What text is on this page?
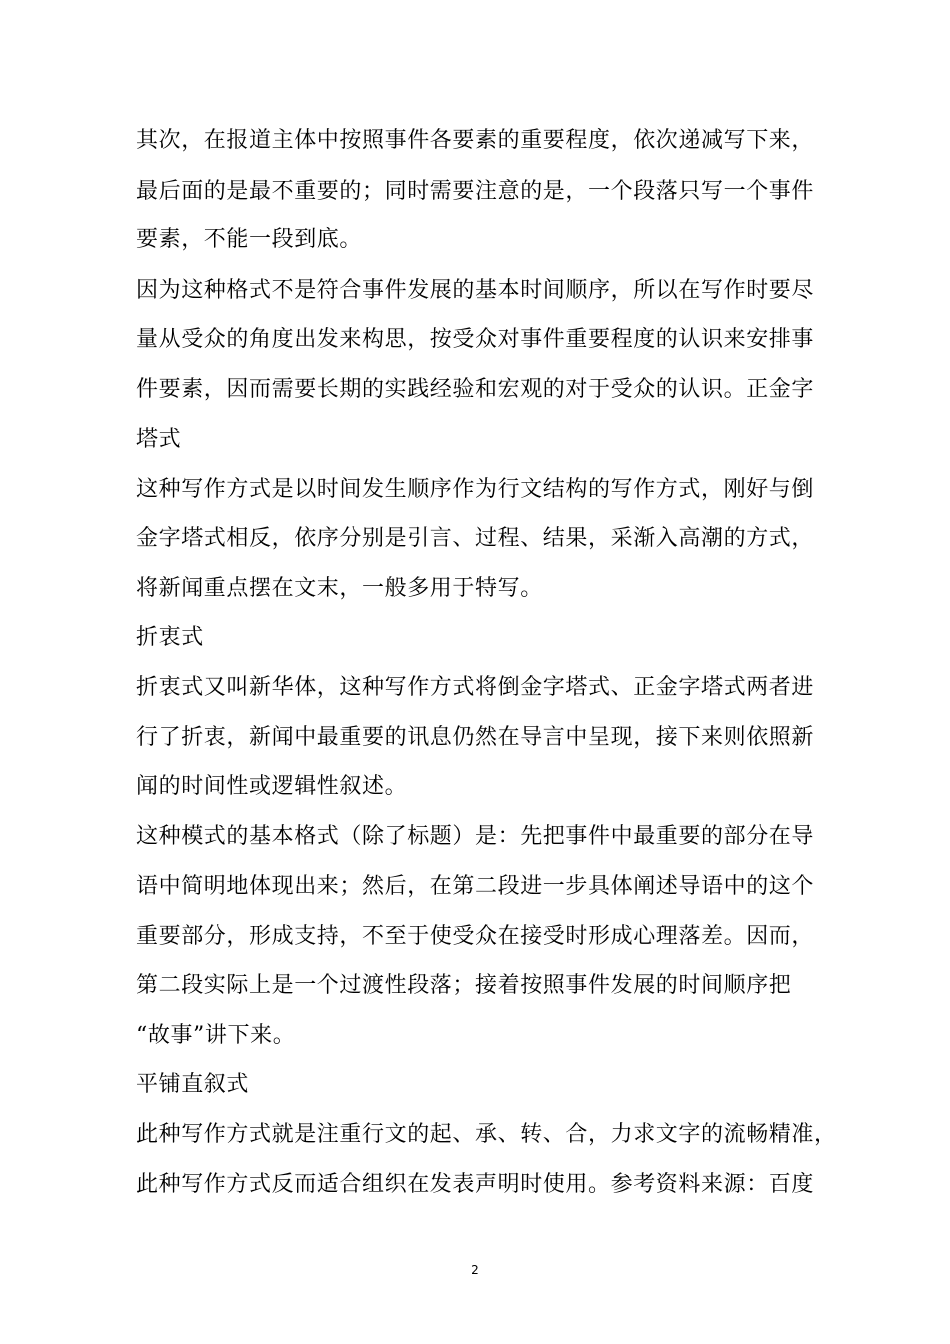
其次，在报道主体中按照事件各要素的重要程度，依次递减写下来，
最后面的是最不重要的；同时需要注意的是，一个段落只写一个事件
要素，不能一段到底。
因为这种格式不是符合事件发展的基本时间顺序，所以在写作时要尽
量从受众的角度出发来构思，按受众对事件重要程度的认识来安排事
件要素，因而需要长期的实践经验和宏观的对于受众的认识。正金字
塔式
这种写作方式是以时间发生顺序作为行文结构的写作方式，刚好与倒
金字塔式相反，依序分别是引言、过程、结果，采渐入高潮的方式，
将新闻重点摆在文末，一般多用于特写。
折衷式
折衷式又叫新华体，这种写作方式将倒金字塔式、正金字塔式两者进
行了折衷，新闻中最重要的讯息仍然在导言中呈现，接下来则依照新
闻的时间性或逻辑性叙述。
这种模式的基本格式（除了标题）是：先把事件中最重要的部分在导
语中简明地体现出来；然后，在第二段进一步具体阐述导语中的这个
重要部分，形成支持，不至于使受众在接受时形成心理落差。因而，
第二段实际上是一个过渡性段落；接着按照事件发展的时间顺序把
“故事”讲下来。
平铺直叙式
此种写作方式就是注重行文的起、承、转、合，力求文字的流畅精准，
此种写作方式反而适合组织在发表声明时使用。参考资料来源：百度
2
